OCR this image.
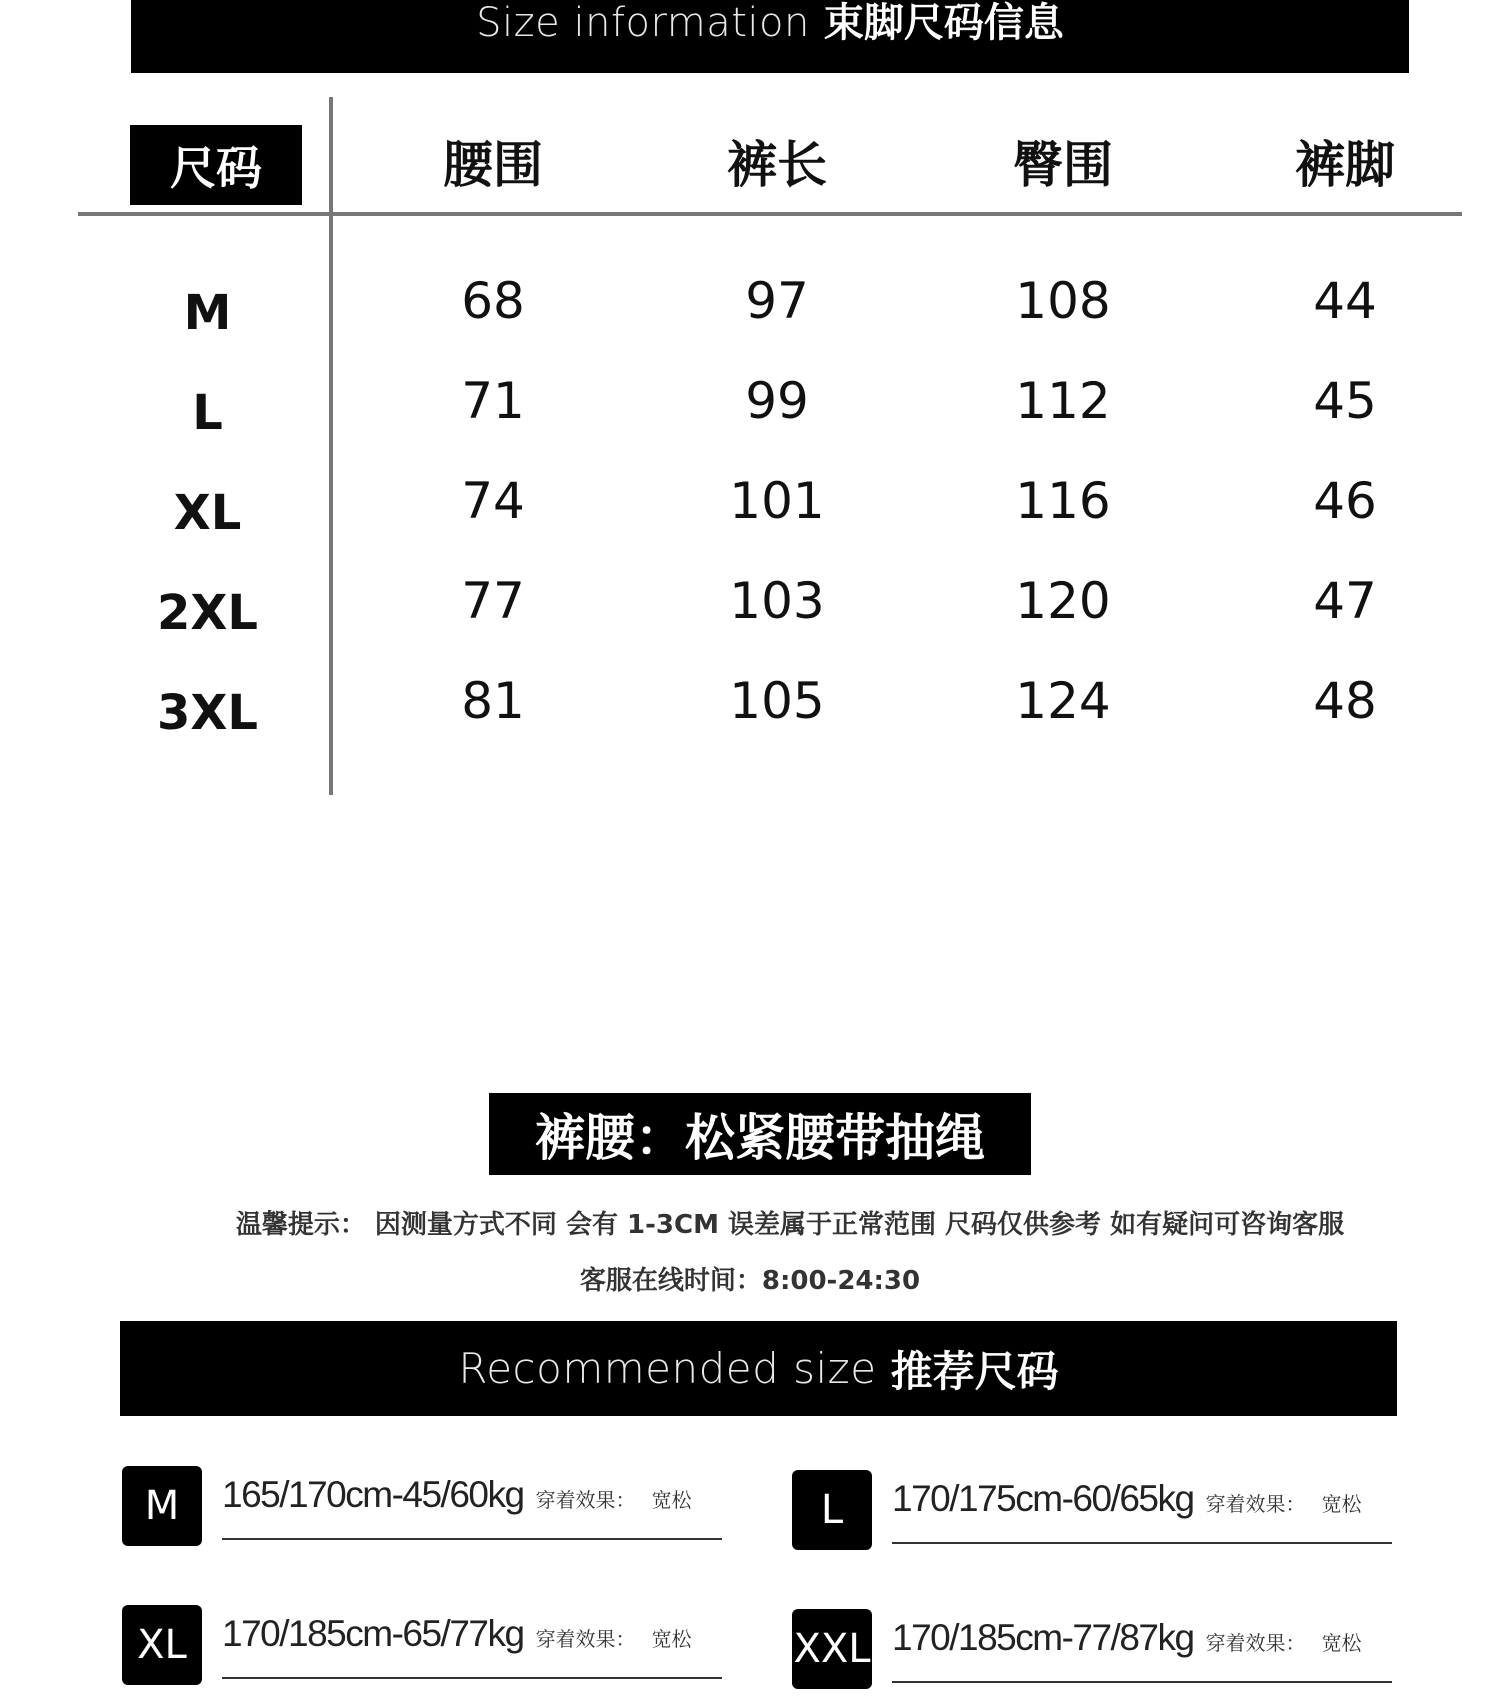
Size information 束脚尺码信息
尺码	腰围	裤长	臀围	裤脚
M	68	97	108	44
L	71	99	112	45
XL	74	101	116	46
2XL	77	103	120	47
3XL	81	105	124	48
裤腰：松紧腰带抽绳
温馨提示： 因测量方式不同 会有 1-3CM 误差属于正常范围 尺码仅供参考 如有疑问可咨询客服
客服在线时间：8:00-24:30
Recommended size 推荐尺码
M	165/170cm-45/60kg 穿着效果： 宽松	L	170/175cm-60/65kg 穿着效果： 宽松
XL 170/185cm-65/77kg 穿着效果： 宽松	XXL 170/185cm-77/87kg 穿着效果： 宽松
